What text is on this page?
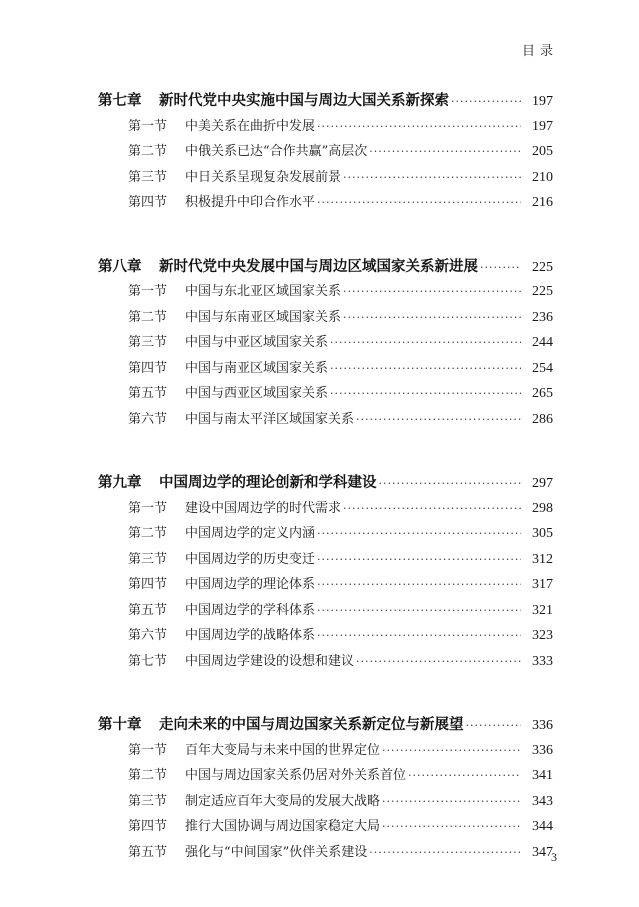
目录
第七章	新时代党中央实施中国与周边大国关系新探索 ·····	197
第一节	中美关系在曲折中发展 ·····	197
第二节	中俄关系已达“合作共赢”高层次 ·····	205
第三节	中日关系呈现复杂发展前景 ·····	210
第四节	积极提升中印合作水平 ·····	216
第八章	新时代党中央发展中国与周边区域国家关系新进展 ·····	225
第一节	中国与东北亚区域国家关系 ·····	225
第二节	中国与东南亚区域国家关系 ·····	236
第三节	中国与中亚区域国家关系 ·····	244
第四节	中国与南亚区域国家关系 ·····	254
第五节	中国与西亚区域国家关系 ·····	265
第六节	中国与南太平洋区域国家关系 ·····	286
第九章	中国周边学的理论创新和学科建设 ·····	297
第一节	建设中国周边学的时代需求 ·····	298
第二节	中国周边学的定义内涵 ·····	305
第三节	中国周边学的历史变迁 ·····	312
第四节	中国周边学的理论体系 ·····	317
第五节	中国周边学的学科体系 ·····	321
第六节	中国周边学的战略体系 ·····	323
第七节	中国周边学建设的设想和建议 ·····	333
第十章	走向未来的中国与周边国家关系新定位与新展望 ·····	336
第一节	百年大变局与未来中国的世界定位 ·····	336
第二节	中国与周边国家关系仍居对外关系首位 ·····	341
第三节	制定适应百年大变局的发展大战略 ·····	343
第四节	推行大国协调与周边国家稳定大局 ·····	344
第五节	强化与“中间国家”伙伴关系建设 ·····	347
3
